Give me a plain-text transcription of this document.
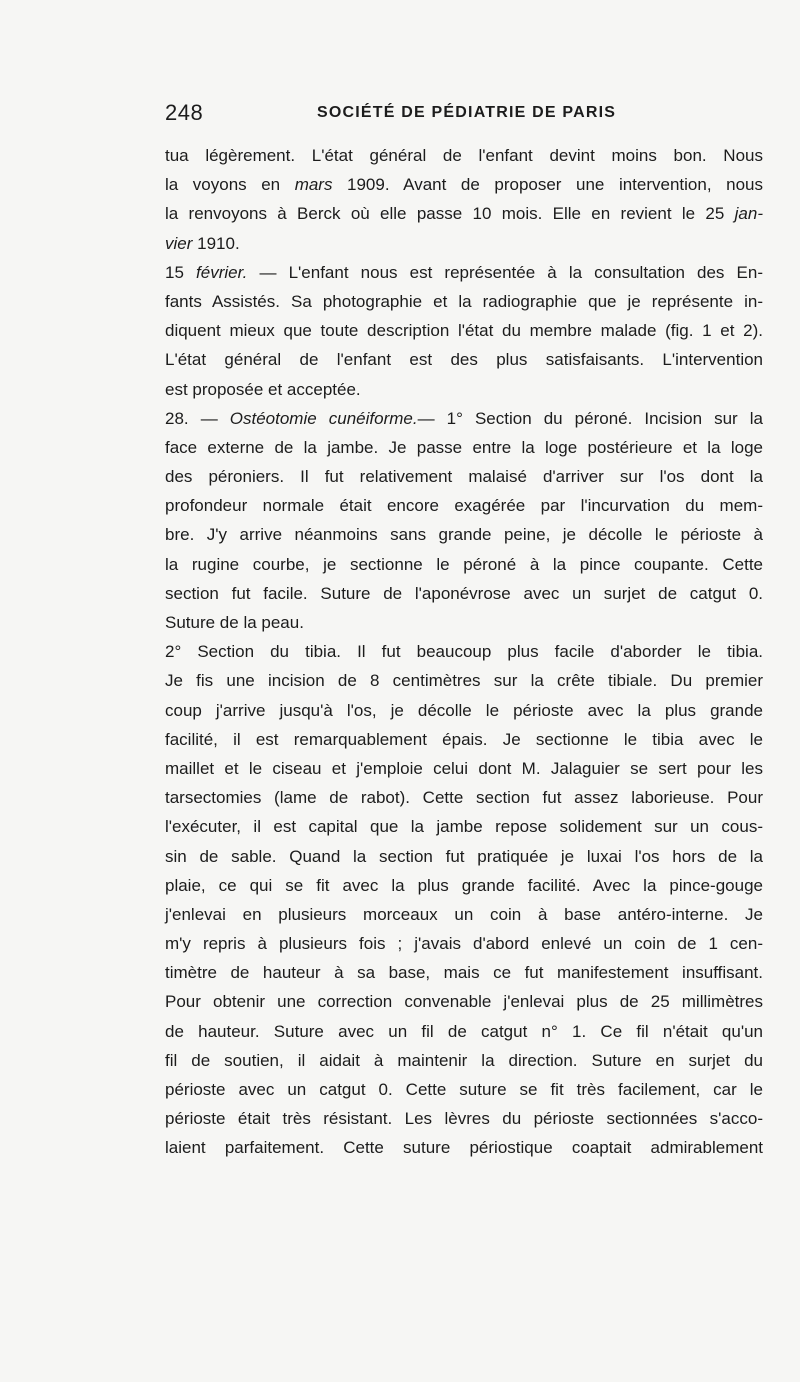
248	SOCIÉTÉ DE PÉDIATRIE DE PARIS
tua légèrement. L'état général de l'enfant devint moins bon. Nous
la voyons en mars 1909. Avant de proposer une intervention, nous
la renvoyons à Berck où elle passe 10 mois. Elle en revient le 25 jan-
vier 1910.
15 février. — L'enfant nous est représentée à la consultation des En-
fants Assistés. Sa photographie et la radiographie que je représente in-
diquent mieux que toute description l'état du membre malade (fig. 1 et 2).
L'état général de l'enfant est des plus satisfaisants. L'intervention
est proposée et acceptée.
28. — Ostéotomie cunéiforme.— 1° Section du péroné. Incision sur la
face externe de la jambe. Je passe entre la loge postérieure et la loge
des péroniers. Il fut relativement malaisé d'arriver sur l'os dont la
profondeur normale était encore exagérée par l'incurvation du mem-
bre. J'y arrive néanmoins sans grande peine, je décolle le périoste à
la rugine courbe, je sectionne le péroné à la pince coupante. Cette
section fut facile. Suture de l'aponévrose avec un surjet de catgut 0.
Suture de la peau.
2° Section du tibia. Il fut beaucoup plus facile d'aborder le tibia.
Je fis une incision de 8 centimètres sur la crête tibiale. Du premier
coup j'arrive jusqu'à l'os, je décolle le périoste avec la plus grande
facilité, il est remarquablement épais. Je sectionne le tibia avec le
maillet et le ciseau et j'emploie celui dont M. Jalaguier se sert pour les
tarsectomies (lame de rabot). Cette section fut assez laborieuse. Pour
l'exécuter, il est capital que la jambe repose solidement sur un cous-
sin de sable. Quand la section fut pratiquée je luxai l'os hors de la
plaie, ce qui se fit avec la plus grande facilité. Avec la pince-gouge
j'enlevai en plusieurs morceaux un coin à base antéro-interne. Je
m'y repris à plusieurs fois ; j'avais d'abord enlevé un coin de 1 cen-
timètre de hauteur à sa base, mais ce fut manifestement insuffisant.
Pour obtenir une correction convenable j'enlevai plus de 25 millimètres
de hauteur. Suture avec un fil de catgut n° 1. Ce fil n'était qu'un
fil de soutien, il aidait à maintenir la direction. Suture en surjet du
périoste avec un catgut 0. Cette suture se fit très facilement, car le
périoste était très résistant. Les lèvres du périoste sectionnées s'acco-
laient parfaitement. Cette suture périostique coaptait admirablement
